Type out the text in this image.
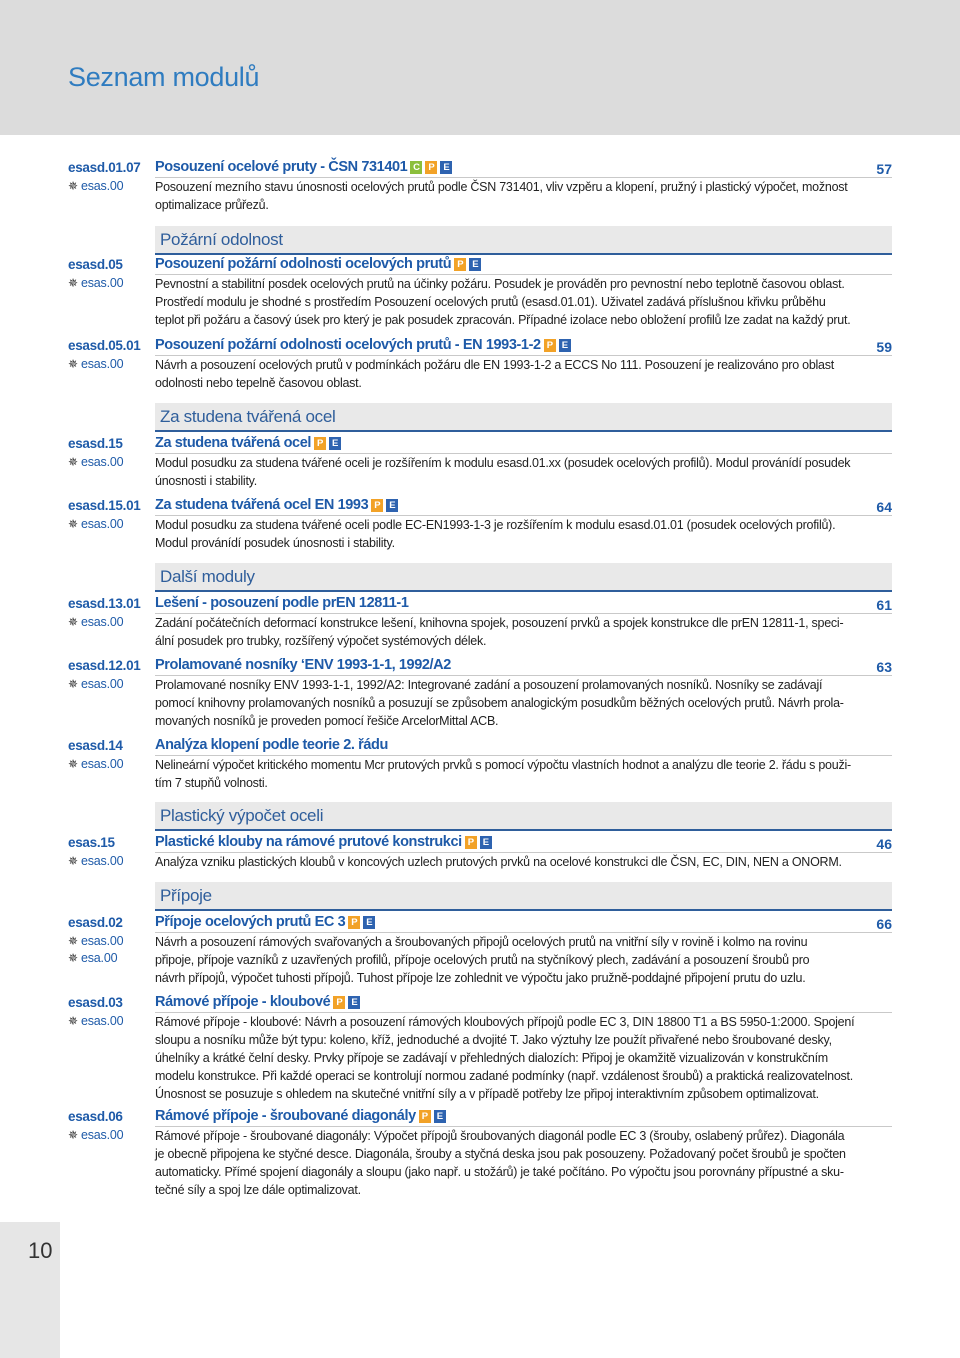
Seznam modulů
Požární odolnost
Za studena tvářená ocel
Další moduly
Plastický výpočet oceli
Přípoje
esasd.01.07
✵ esas.00
Posouzení ocelové pruty - ČSN 731401 C P E	57
Posouzení mezního stavu únosnosti ocelových prutů podle ČSN 731401, vliv vzpěru a klopení, pružný i plastický výpočet, možnost
optimalizace průřezů.
esasd.05
✵ esas.00
Posouzení požární odolnosti ocelových prutů P E
Pevnostní a stabilitní posdek ocelových prutů na účinky požáru. Posudek je prováděn pro pevnostní nebo teplotně časovou oblast.
Prostředí modulu je shodné s prostředím Posouzení ocelových prutů (esasd.01.01). Uživatel zadává příslušnou křivku průběhu
teplot při požáru a časový úsek pro který je pak posudek zpracován. Případné izolace nebo obložení profilů lze zadat na každý prut.
esasd.05.01
✵ esas.00
Posouzení požární odolnosti ocelových prutů - EN 1993-1-2 P E	59
Návrh a posouzení ocelových prutů v podmínkách požáru dle EN 1993-1-2 a ECCS No 111. Posouzení je realizováno pro oblast
odolnosti nebo tepelně časovou oblast.
esasd.15
✵ esas.00
Za studena tvářená ocel P E
Modul posudku za studena tvářené oceli je rozšířením k modulu esasd.01.xx (posudek ocelových profilů). Modul provánídí posudek
únosnosti i stability.
esasd.15.01
✵ esas.00
Za studena tvářená ocel EN 1993 P E	64
Modul posudku za studena tvářené oceli podle EC-EN1993-1-3 je rozšířením k modulu esasd.01.01 (posudek ocelových profilů).
Modul provánídí posudek únosnosti i stability.
esasd.13.01
✵ esas.00
Lešení - posouzení podle prEN 12811-1	61
Zadání počátečních deformací konstrukce lešení, knihovna spojek, posouzení prvků a spojek konstrukce dle prEN 12811-1, speci-
ální posudek pro trubky, rozšířený výpočet systémových délek.
esasd.12.01
✵ esas.00
Prolamované nosníky ‘ENV 1993-1-1, 1992/A2	63
Prolamované nosníky ENV 1993-1-1, 1992/A2: Integrované zadání a posouzení prolamovaných nosníků. Nosníky se zadávají
pomocí knihovny prolamovaných nosníků a posuzují se způsobem analogickým posudkům běžných ocelových prutů. Návrh prola-
movaných nosníků je proveden pomocí řešiče ArcelorMittal ACB.
esasd.14
✵ esas.00
Analýza klopení podle teorie 2. řádu
Nelineární výpočet kritického momentu Mcr prutových prvků s pomocí výpočtu vlastních hodnot a analýzu dle teorie 2. řádu s použi-
tím 7 stupňů volnosti.
esas.15
✵ esas.00
Plastické klouby na rámové prutové konstrukci P E	46
Analýza vzniku plastických kloubů v koncových uzlech prutových prvků na ocelové konstrukci dle ČSN, EC, DIN, NEN a ONORM.
esasd.02
✵ esas.00
✵ esa.00
Přípoje ocelových prutů EC 3 P E	66
Návrh a posouzení rámových svařovaných a šroubovaných připojů ocelových prutů na vnitřní síly v rovině i kolmo na rovinu
připoje, přípoje vazníků z uzavřených profilů, přípoje ocelových prutů na styčníkový plech, zadávání a posouzení šroubů pro
návrh přípojů, výpočet tuhosti přípojů. Tuhost přípoje lze zohlednit ve výpočtu jako pružně-poddajné připojení prutu do uzlu.
esasd.03
✵ esas.00
Rámové přípoje - kloubové P E
Rámové přípoje - kloubové: Návrh a posouzení rámových kloubových přípojů podle EC 3, DIN 18800 T1 a BS 5950-1:2000. Spojení
sloupu a nosníku může být typu: koleno, kříž, jednoduché a dvojité T. Jako výztuhy lze použít přivařené nebo šroubované desky,
úhelníky a krátké čelní desky. Prvky přípoje se zadávají v přehledných dialozích: Připoj je okamžitě vizualizován v konstrukčním
modelu konstrukce. Při každé operaci se kontrolují normou zadané podmínky (např. vzdálenost šroubů) a praktická realizovatelnost.
Únosnost se posuzuje s ohledem na skutečné vnitřní síly a v případě potřeby lze připoj interaktivním způsobem optimalizovat.
esasd.06
✵ esas.00
Rámové přípoje - šroubované diagonály P E
Rámové přípoje - šroubované diagonály: Výpočet přípojů šroubovaných diagonál podle EC 3 (šrouby, oslabený průřez). Diagonála
je obecně připojena ke styčné desce. Diagonála, šrouby a styčná deska jsou pak posouzeny. Požadovaný počet šroubů je spočten
automaticky. Přímé spojení diagonály a sloupu (jako např. u stožárů) je také počítáno. Po výpočtu jsou porovnány přípustné a sku-
tečné síly a spoj lze dále optimalizovat.
10
